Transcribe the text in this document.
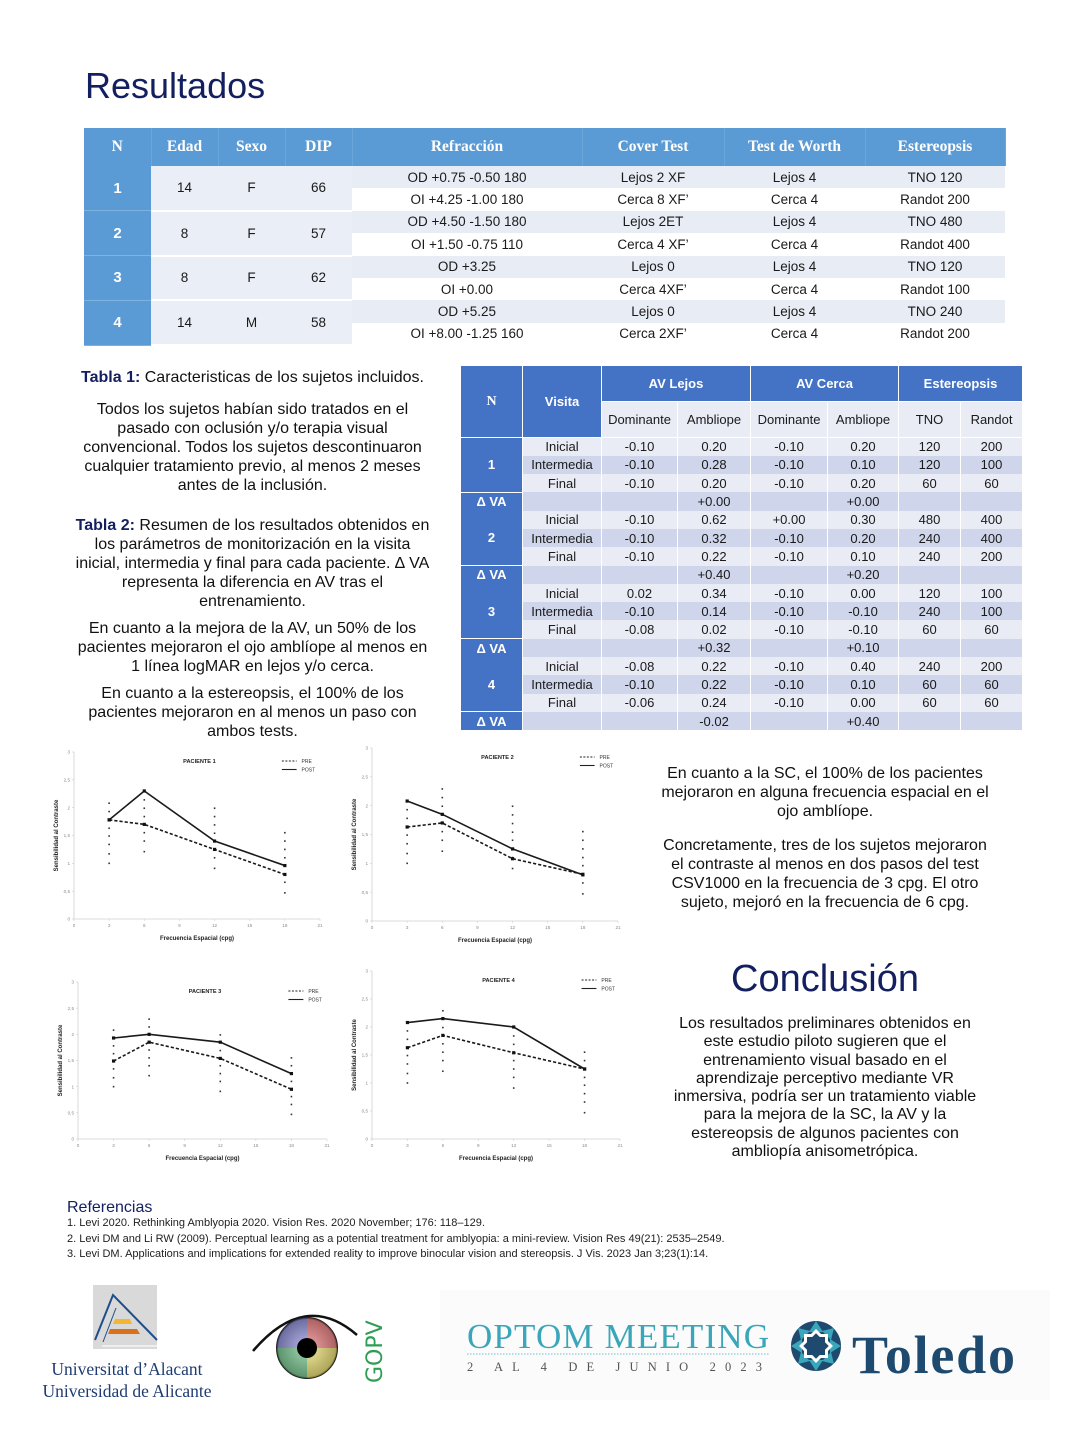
Resultados
N	Edad	Sexo	DIP	Refracción	Cover Test	Test de Worth	Estereopsis
1	14	F	66	OD +0.75 -0.50 180	Lejos 2 XF	Lejos 4	TNO 120
				OI +4.25 -1.00 180	Cerca 8 XF’	Cerca 4	Randot 200
2	8	F	57	OD +4.50 -1.50 180	Lejos 2ET	Lejos 4	TNO 480
				OI +1.50 -0.75 110	Cerca 4 XF’	Cerca 4	Randot 400
3	8	F	62	OD +3.25	Lejos 0	Lejos 4	TNO 120
				OI +0.00	Cerca 4XF’	Cerca 4	Randot 100
4	14	M	58	OD +5.25	Lejos 0	Lejos 4	TNO 240
				OI +8.00 -1.25 160	Cerca 2XF’	Cerca 4	Randot 200
N	Visita	AV Lejos		AV Cerca		Estereopsis	
		Dominante	Ambliope	Dominante	Ambliope	TNO	Randot
1	Inicial	-0.10	0.20	-0.10	0.20	120	200
	Intermedia	-0.10	0.28	-0.10	0.10	120	100
	Final	-0.10	0.20	-0.10	0.20	60	60
Δ VA			+0.00		+0.00		
2	Inicial	-0.10	0.62	+0.00	0.30	480	400
	Intermedia	-0.10	0.32	-0.10	0.20	240	400
	Final	-0.10	0.22	-0.10	0.10	240	200
Δ VA			+0.40		+0.20		
3	Inicial	0.02	0.34	-0.10	0.00	120	100
	Intermedia	-0.10	0.14	-0.10	-0.10	240	100
	Final	-0.08	0.02	-0.10	-0.10	60	60
Δ VA			+0.32		+0.10		
4	Inicial	-0.08	0.22	-0.10	0.40	240	200
	Intermedia	-0.10	0.22	-0.10	0.10	60	60
	Final	-0.06	0.24	-0.10	0.00	60	60
Δ VA			-0.02		+0.40		
Tabla 1: Caracteristicas de los sujetos incluidos.
Todos los sujetos habían sido tratados en el
pasado con oclusión y/o terapia visual
convencional. Todos los sujetos descontinuaron
cualquier tratamiento previo, al menos 2 meses
antes de la inclusión.
Tabla 2: Resumen de los resultados obtenidos en
los parámetros de monitorización en la visita
inicial, intermedia y final para cada paciente. ∆ VA
representa la diferencia en AV tras el
entrenamiento.
En cuanto a la mejora de la AV, un 50% de los
pacientes mejoraron el ojo amblíope al menos en
1 línea logMAR en lejos y/o cerca.
En cuanto a la estereopsis, el 100% de los
pacientes mejoraron en al menos un paso con
ambos tests.
0
0,5
1
1,5
2
2,5
3
0	3	6	9	12	15	18	21
PACIENTE 1	PRE
POST
Sensibilidad al Contraste
Frecuencia Espacial (cpg)
0
0,5
1
1,5
2
2,5
3
0	3	6	9	12	15	18	21
PACIENTE 2	PRE
POST
Sensibilidad al Contraste
Frecuencia Espacial (cpg)
0
0,5
1
1,5
2
2,5
3
0	3	6	9	12	15	18	21
PACIENTE 3	PRE
POST
Sensibilidad al Contraste
Frecuencia Espacial (cpg)
0
0,5
1
1,5
2
2,5
3
0	3	6	9	12	15	18	21
PACIENTE 4	PRE
POST
Sensibilidad al Contraste
Frecuencia Espacial (cpg)
En cuanto a la SC, el 100% de los pacientes
mejoraron en alguna frecuencia espacial en el
ojo amblíope.
Concretamente, tres de los sujetos mejoraron
el contraste al menos en dos pasos del test
CSV1000 en la frecuencia de 3 cpg. El otro
sujeto, mejoró en la frecuencia de 6 cpg.
Conclusión
Los resultados preliminares obtenidos en
este estudio piloto sugieren que el
entrenamiento visual basado en el
aprendizaje perceptivo mediante VR
inmersiva, podría ser un tratamiento viable
para la mejora de la SC, la AV y la
estereopsis de algunos pacientes con
ambliopía anisometrópica.
Referencias
1. Levi 2020. Rethinking Amblyopia 2020. Vision Res. 2020 November; 176: 118–129.
2. Levi DM and Li RW (2009). Perceptual learning as a potential treatment for amblyopia: a mini-review. Vision Res 49(21): 2535–2549.
3. Levi DM. Applications and implications for extended reality to improve binocular vision and stereopsis. J Vis. 2023 Jan 3;23(1):14.
Universitat d’Alacant
Universidad de Alicante
GOPV OPTOM MEETING
2 AL 4 DE JUNIO 2023 Toledo
